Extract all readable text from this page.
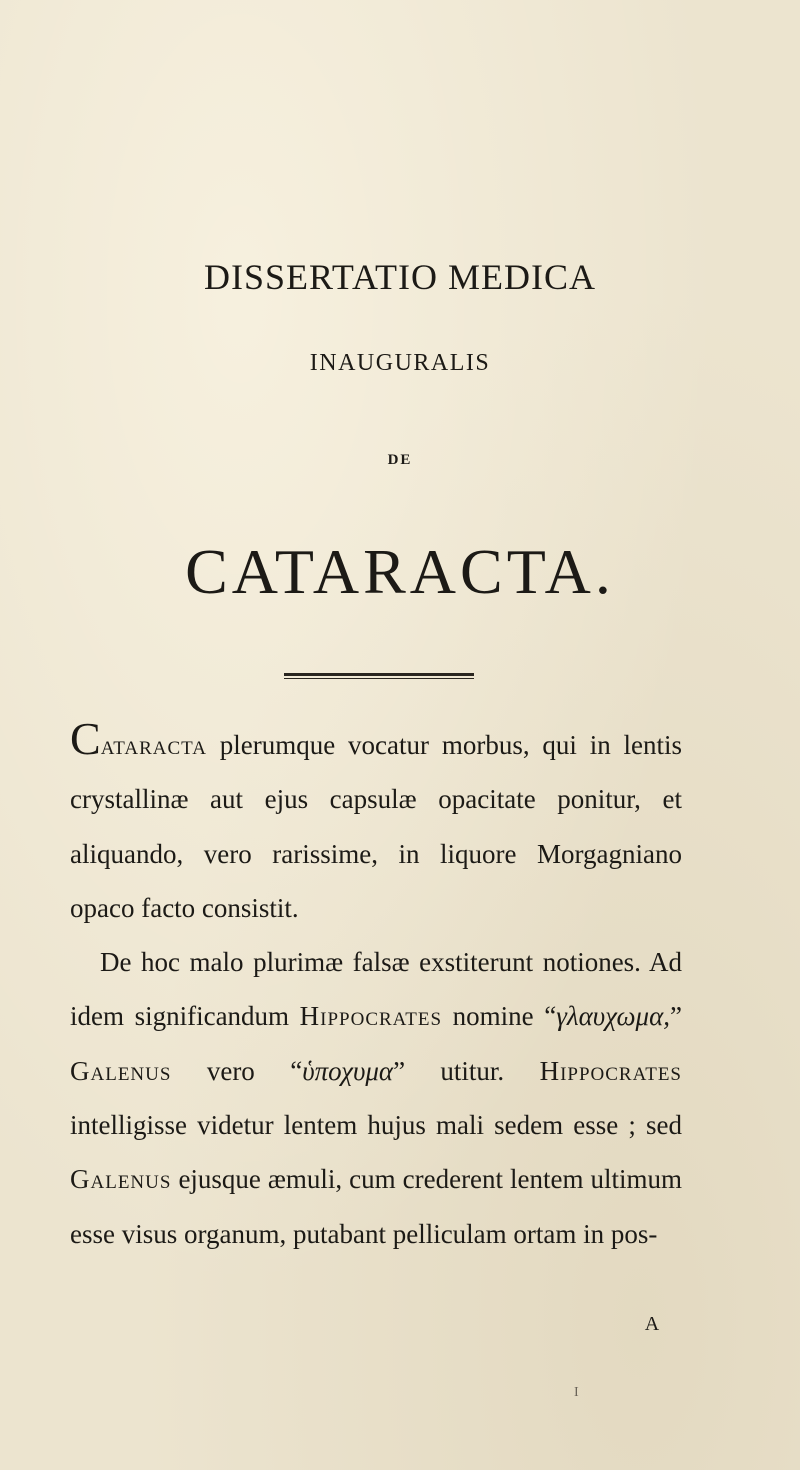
DISSERTATIO MEDICA
INAUGURALIS
DE
CATARACTA.

Cataracta plerumque vocatur morbus, qui in lentis crystallinæ aut ejus capsulæ opacitate ponitur, et aliquando, vero rarissime, in liquore Morgagniano opaco facto consistit.

De hoc malo plurimæ falsæ exstiterunt notiones. Ad idem significandum Hippocrates nomine “γλαυχωμα,” Galenus vero “ὑποχυμα” utitur. Hippocrates intelligisse videtur lentem hujus mali sedem esse ; sed Galenus ejusque æmuli, cum crederent lentem ultimum esse visus organum, putabant pelliculam ortam in pos-

A
I
